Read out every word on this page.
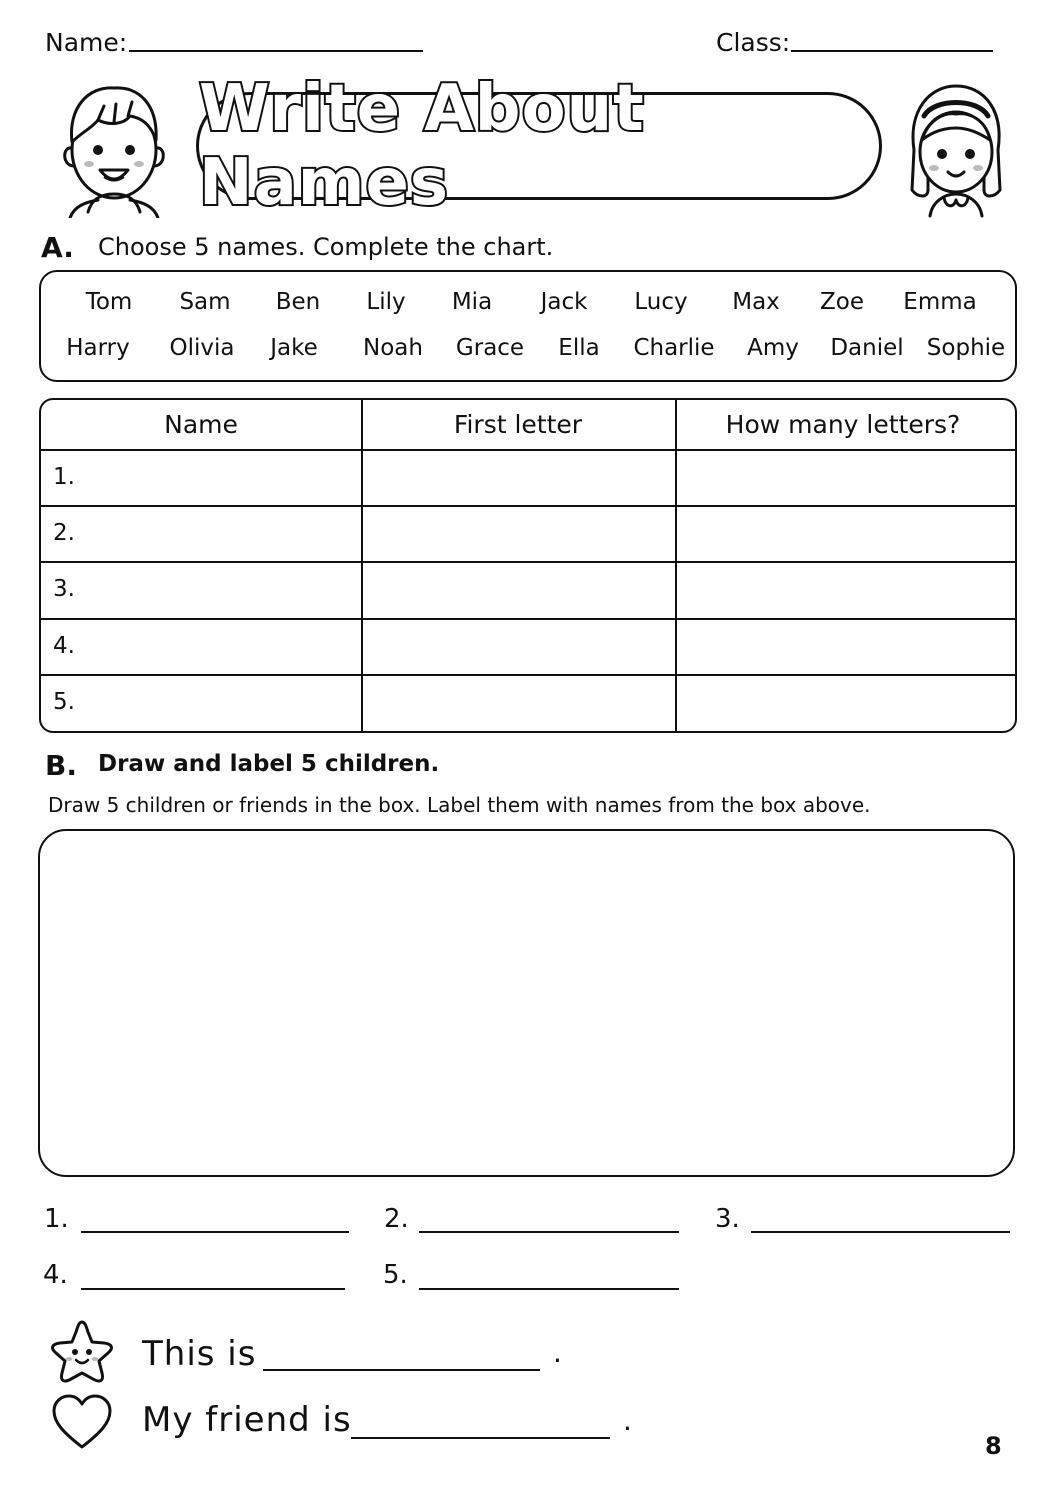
Name:	Class:
Write About Names
A. Choose 5 names. Complete the chart.
Tom Sam Ben Lily Mia Jack Lucy Max Zoe Emma
Harry Olivia Jake Noah Grace Ella Charlie Amy Daniel Sophie
Name	First letter	How many letters?
1.
2.
3.
4.
5.
B. Draw and label 5 children.
Draw 5 children or friends in the box. Label them with names from the box above.
1.	2.	3.
4.	5.
This is	.
My friend is	.
8
